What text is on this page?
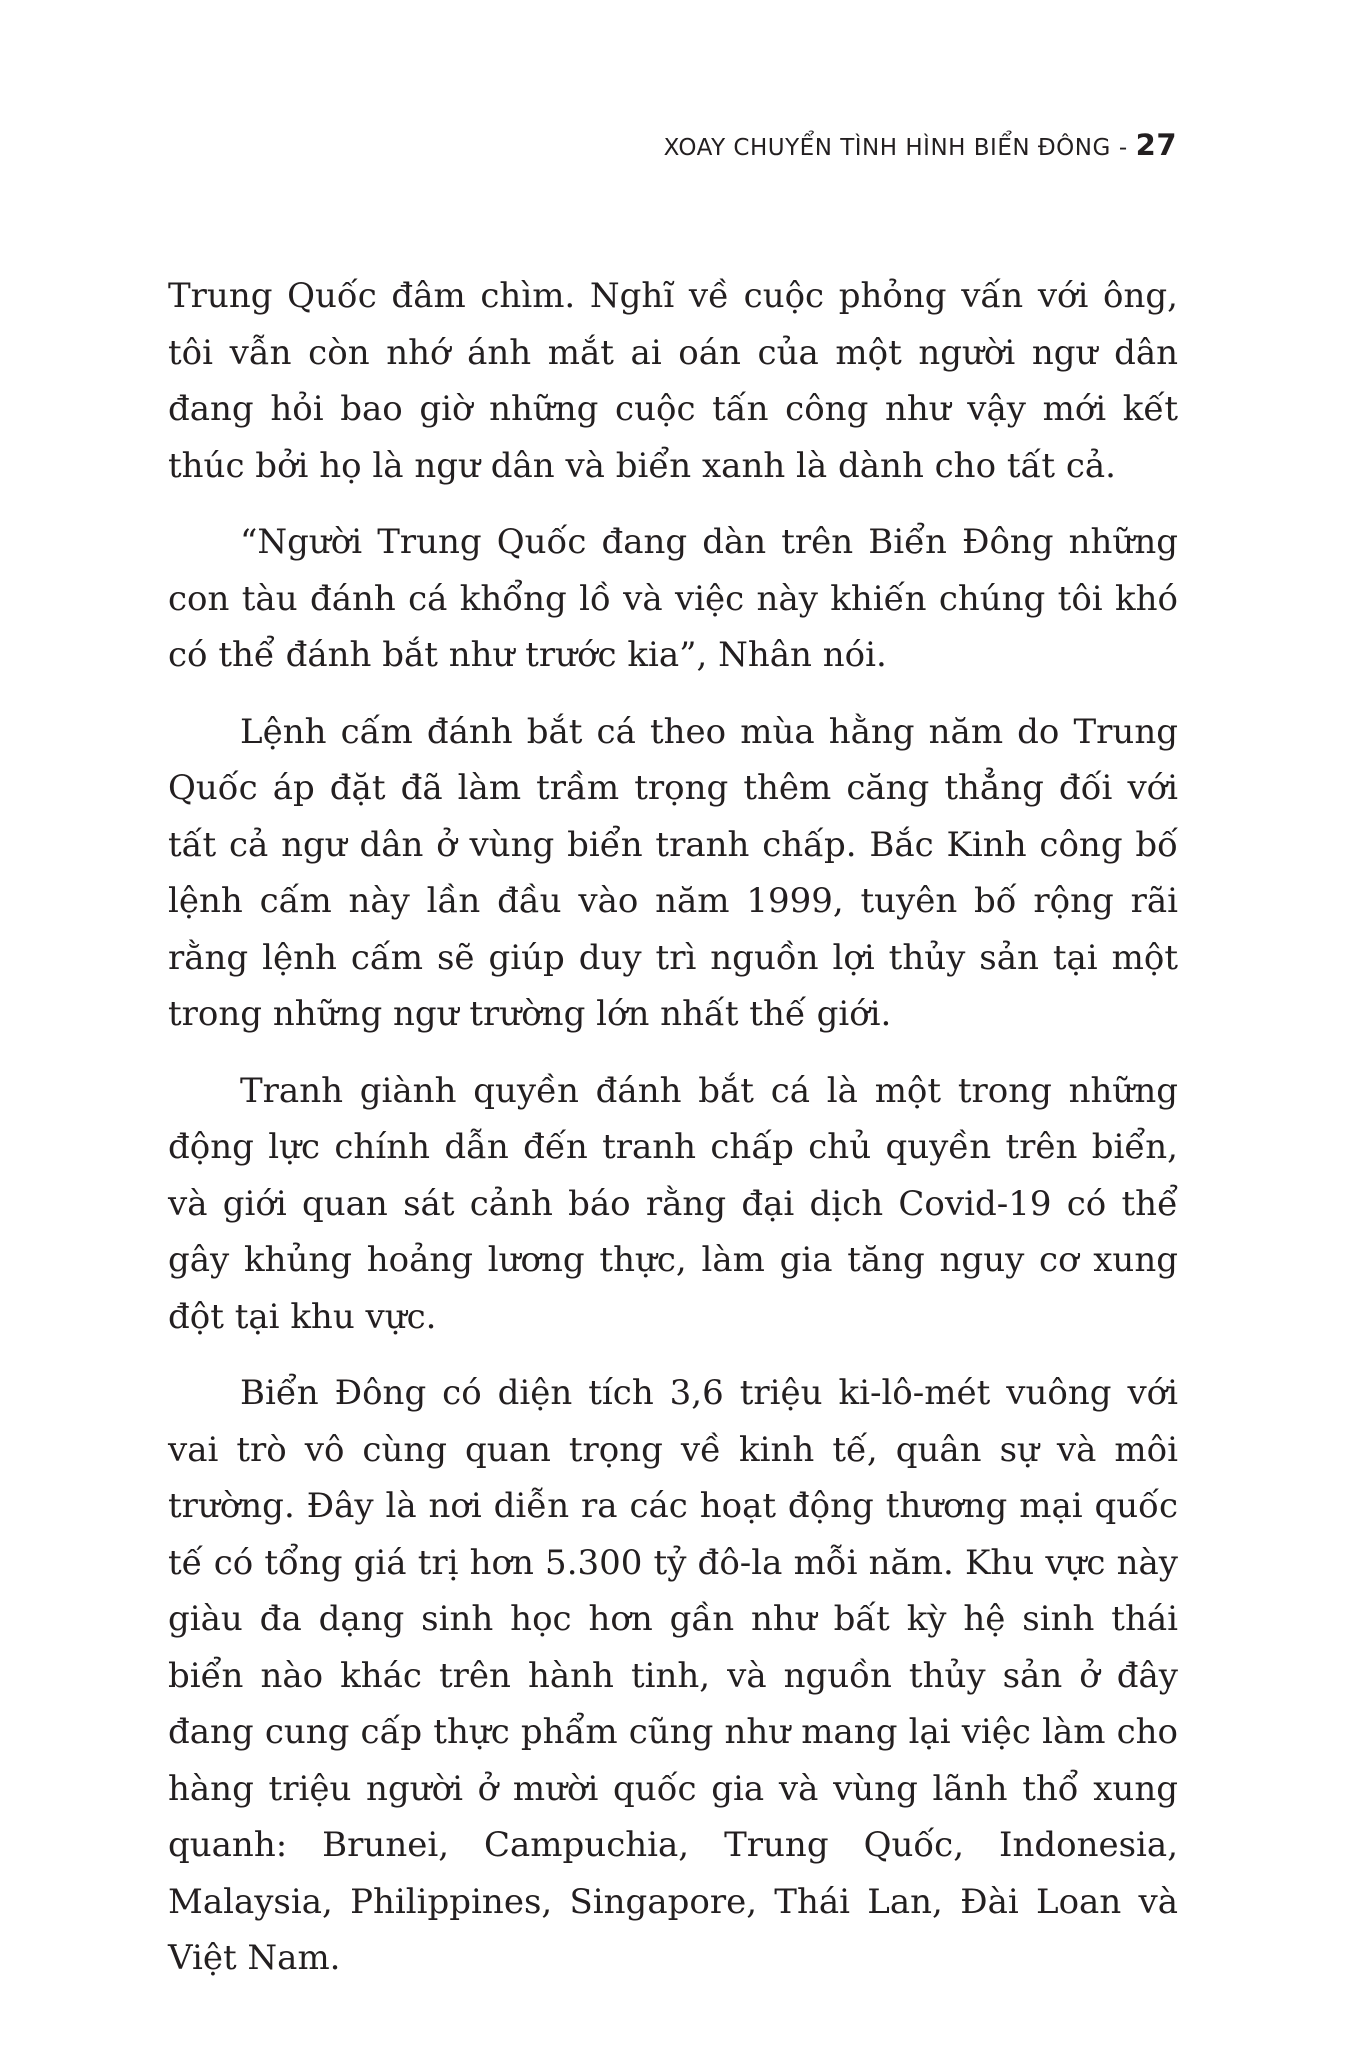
XOAY CHUYỂN TÌNH HÌNH BIỂN ĐÔNG - 27

Trung Quốc đâm chìm. Nghĩ về cuộc phỏng vấn với ông, tôi vẫn còn nhớ ánh mắt ai oán của một người ngư dân đang hỏi bao giờ những cuộc tấn công như vậy mới kết thúc bởi họ là ngư dân và biển xanh là dành cho tất cả.

“Người Trung Quốc đang dàn trên Biển Đông những con tàu đánh cá khổng lồ và việc này khiến chúng tôi khó có thể đánh bắt như trước kia”, Nhân nói.

Lệnh cấm đánh bắt cá theo mùa hằng năm do Trung Quốc áp đặt đã làm trầm trọng thêm căng thẳng đối với tất cả ngư dân ở vùng biển tranh chấp. Bắc Kinh công bố lệnh cấm này lần đầu vào năm 1999, tuyên bố rộng rãi rằng lệnh cấm sẽ giúp duy trì nguồn lợi thủy sản tại một trong những ngư trường lớn nhất thế giới.

Tranh giành quyền đánh bắt cá là một trong những động lực chính dẫn đến tranh chấp chủ quyền trên biển, và giới quan sát cảnh báo rằng đại dịch Covid-19 có thể gây khủng hoảng lương thực, làm gia tăng nguy cơ xung đột tại khu vực.

Biển Đông có diện tích 3,6 triệu ki-lô-mét vuông với vai trò vô cùng quan trọng về kinh tế, quân sự và môi trường. Đây là nơi diễn ra các hoạt động thương mại quốc tế có tổng giá trị hơn 5.300 tỷ đô-la mỗi năm. Khu vực này giàu đa dạng sinh học hơn gần như bất kỳ hệ sinh thái biển nào khác trên hành tinh, và nguồn thủy sản ở đây đang cung cấp thực phẩm cũng như mang lại việc làm cho hàng triệu người ở mười quốc gia và vùng lãnh thổ xung quanh: Brunei, Campuchia, Trung Quốc, Indonesia, Malaysia, Philippines, Singapore, Thái Lan, Đài Loan và Việt Nam.
